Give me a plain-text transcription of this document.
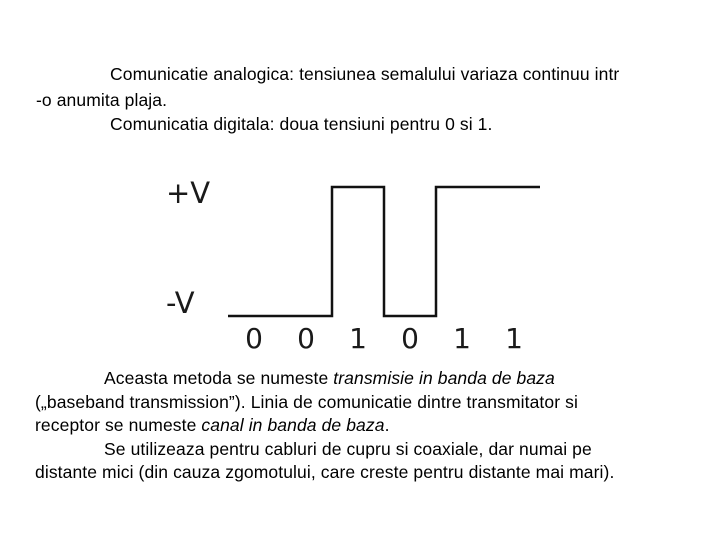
Comunicatie analogica: tensiunea semalului variaza continuu intr

-o anumita plaja.

Comunicatia digitala: doua tensiuni pentru 0 si 1.

+V
-V
0 0 1 0 1 1

Aceasta metoda se numeste transmisie in banda de baza

(„baseband transmission”). Linia de comunicatie dintre transmitator si

receptor se numeste canal in banda de baza.

Se utilizeaza pentru cabluri de cupru si coaxiale, dar numai pe

distante mici (din cauza zgomotului, care creste pentru distante mai mari).
